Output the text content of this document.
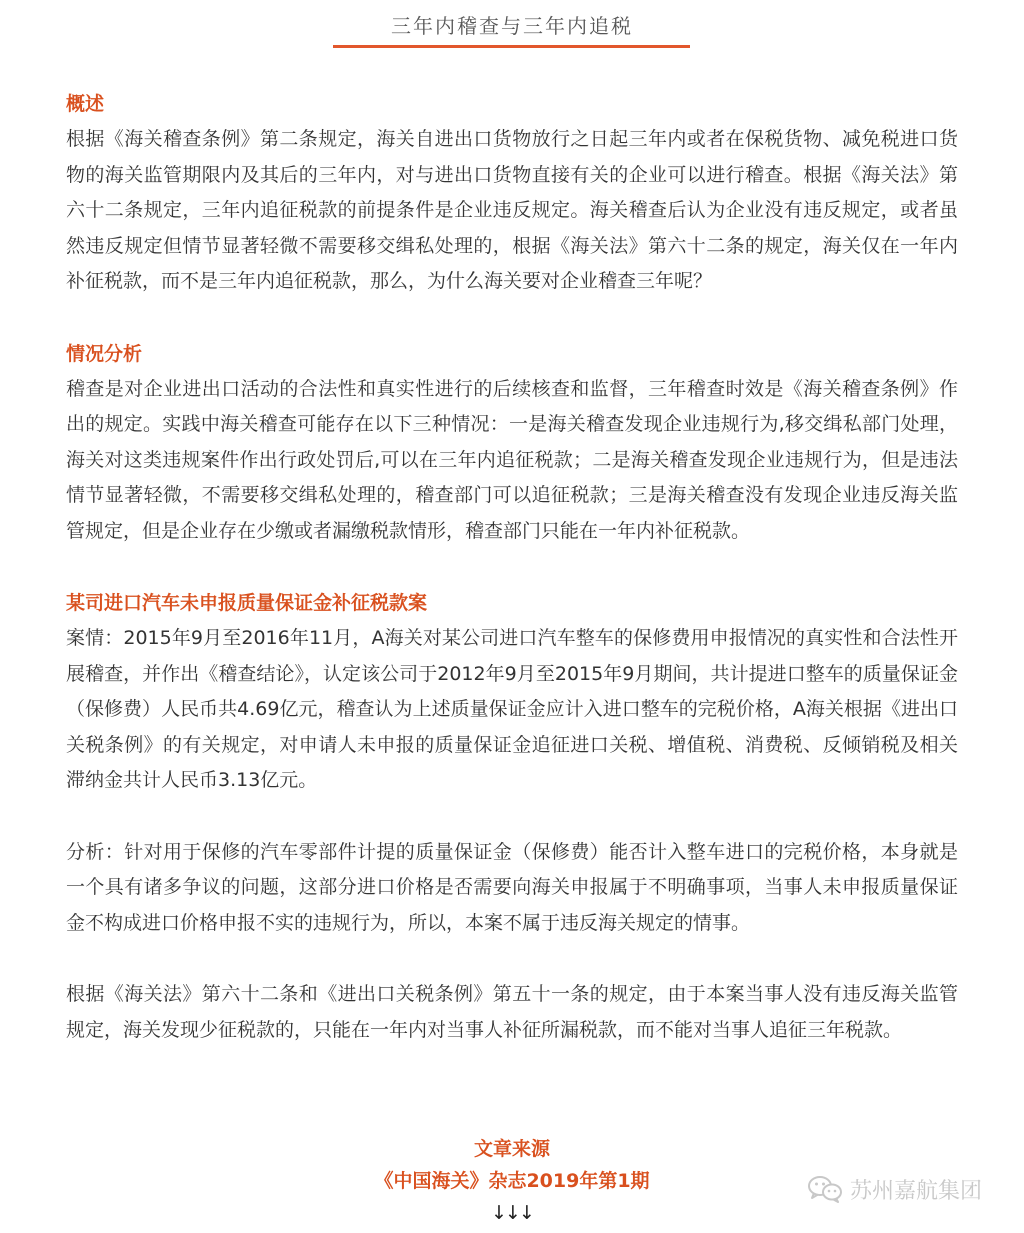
三年内稽查与三年内追税
概述

根据《海关稽查条例》第二条规定，海关自进出口货物放行之日起三年内或者在保税货物、减免税进口货物的海关监管期限内及其后的三年内，对与进出口货物直接有关的企业可以进行稽查。根据《海关法》第六十二条规定，三年内追征税款的前提条件是企业违反规定。海关稽查后认为企业没有违反规定，或者虽然违反规定但情节显著轻微不需要移交缉私处理的，根据《海关法》第六十二条的规定，海关仅在一年内补征税款，而不是三年内追征税款，那么，为什么海关要对企业稽查三年呢？

情况分析

稽查是对企业进出口活动的合法性和真实性进行的后续核查和监督，三年稽查时效是《海关稽查条例》作出的规定。实践中海关稽查可能存在以下三种情况：一是海关稽查发现企业违规行为,移交缉私部门处理，海关对这类违规案件作出行政处罚后,可以在三年内追征税款；二是海关稽查发现企业违规行为，但是违法情节显著轻微，不需要移交缉私处理的，稽查部门可以追征税款；三是海关稽查没有发现企业违反海关监管规定，但是企业存在少缴或者漏缴税款情形，稽查部门只能在一年内补征税款。

某司进口汽车未申报质量保证金补征税款案

案情：2015年9月至2016年11月，A海关对某公司进口汽车整车的保修费用申报情况的真实性和合法性开展稽查，并作出《稽查结论》，认定该公司于2012年9月至2015年9月期间，共计提进口整车的质量保证金（保修费）人民币共4.69亿元，稽查认为上述质量保证金应计入进口整车的完税价格，A海关根据《进出口关税条例》的有关规定，对申请人未申报的质量保证金追征进口关税、增值税、消费税、反倾销税及相关滞纳金共计人民币3.13亿元。

分析：针对用于保修的汽车零部件计提的质量保证金（保修费）能否计入整车进口的完税价格，本身就是一个具有诸多争议的问题，这部分进口价格是否需要向海关申报属于不明确事项，当事人未申报质量保证金不构成进口价格申报不实的违规行为，所以，本案不属于违反海关规定的情事。

根据《海关法》第六十二条和《进出口关税条例》第五十一条的规定，由于本案当事人没有违反海关监管规定，海关发现少征税款的，只能在一年内对当事人补征所漏税款，而不能对当事人追征三年税款。

文章来源
《中国海关》杂志2019年第1期
↓↓↓
苏州嘉航集团
